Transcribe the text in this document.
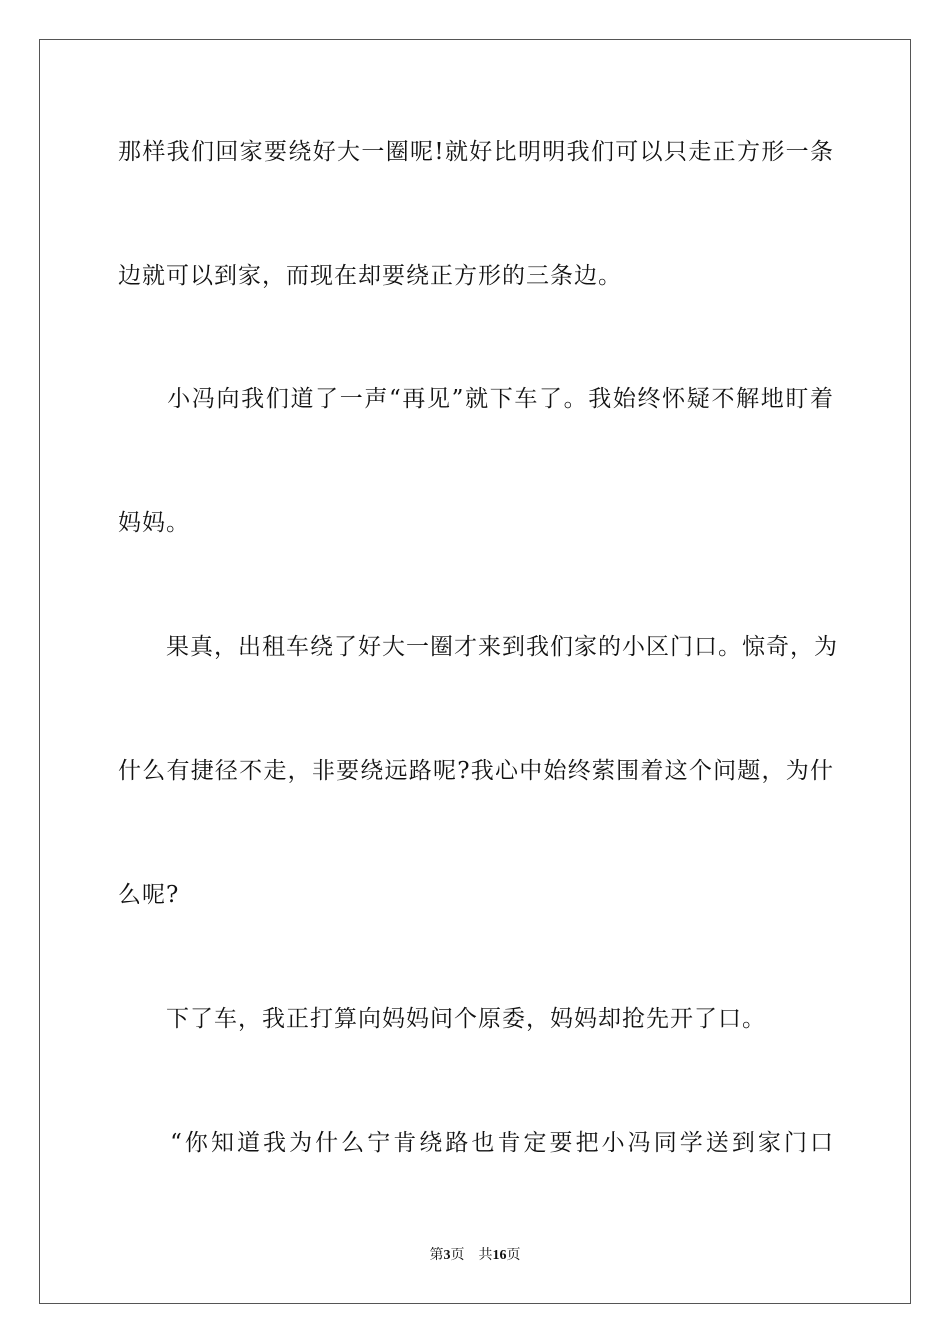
那样我们回家要绕好大一圈呢!就好比明明我们可以只走正方形一条
边就可以到家，而现在却要绕正方形的三条边。
　　小冯向我们道了一声“再见”就下车了。我始终怀疑不解地盯着
妈妈。
　　果真，出租车绕了好大一圈才来到我们家的小区门口。惊奇，为
什么有捷径不走，非要绕远路呢?我心中始终萦围着这个问题，为什
么呢?
　　下了车，我正打算向妈妈问个原委，妈妈却抢先开了口。
　　“你知道我为什么宁肯绕路也肯定要把小冯同学送到家门口
第3页 共16页
